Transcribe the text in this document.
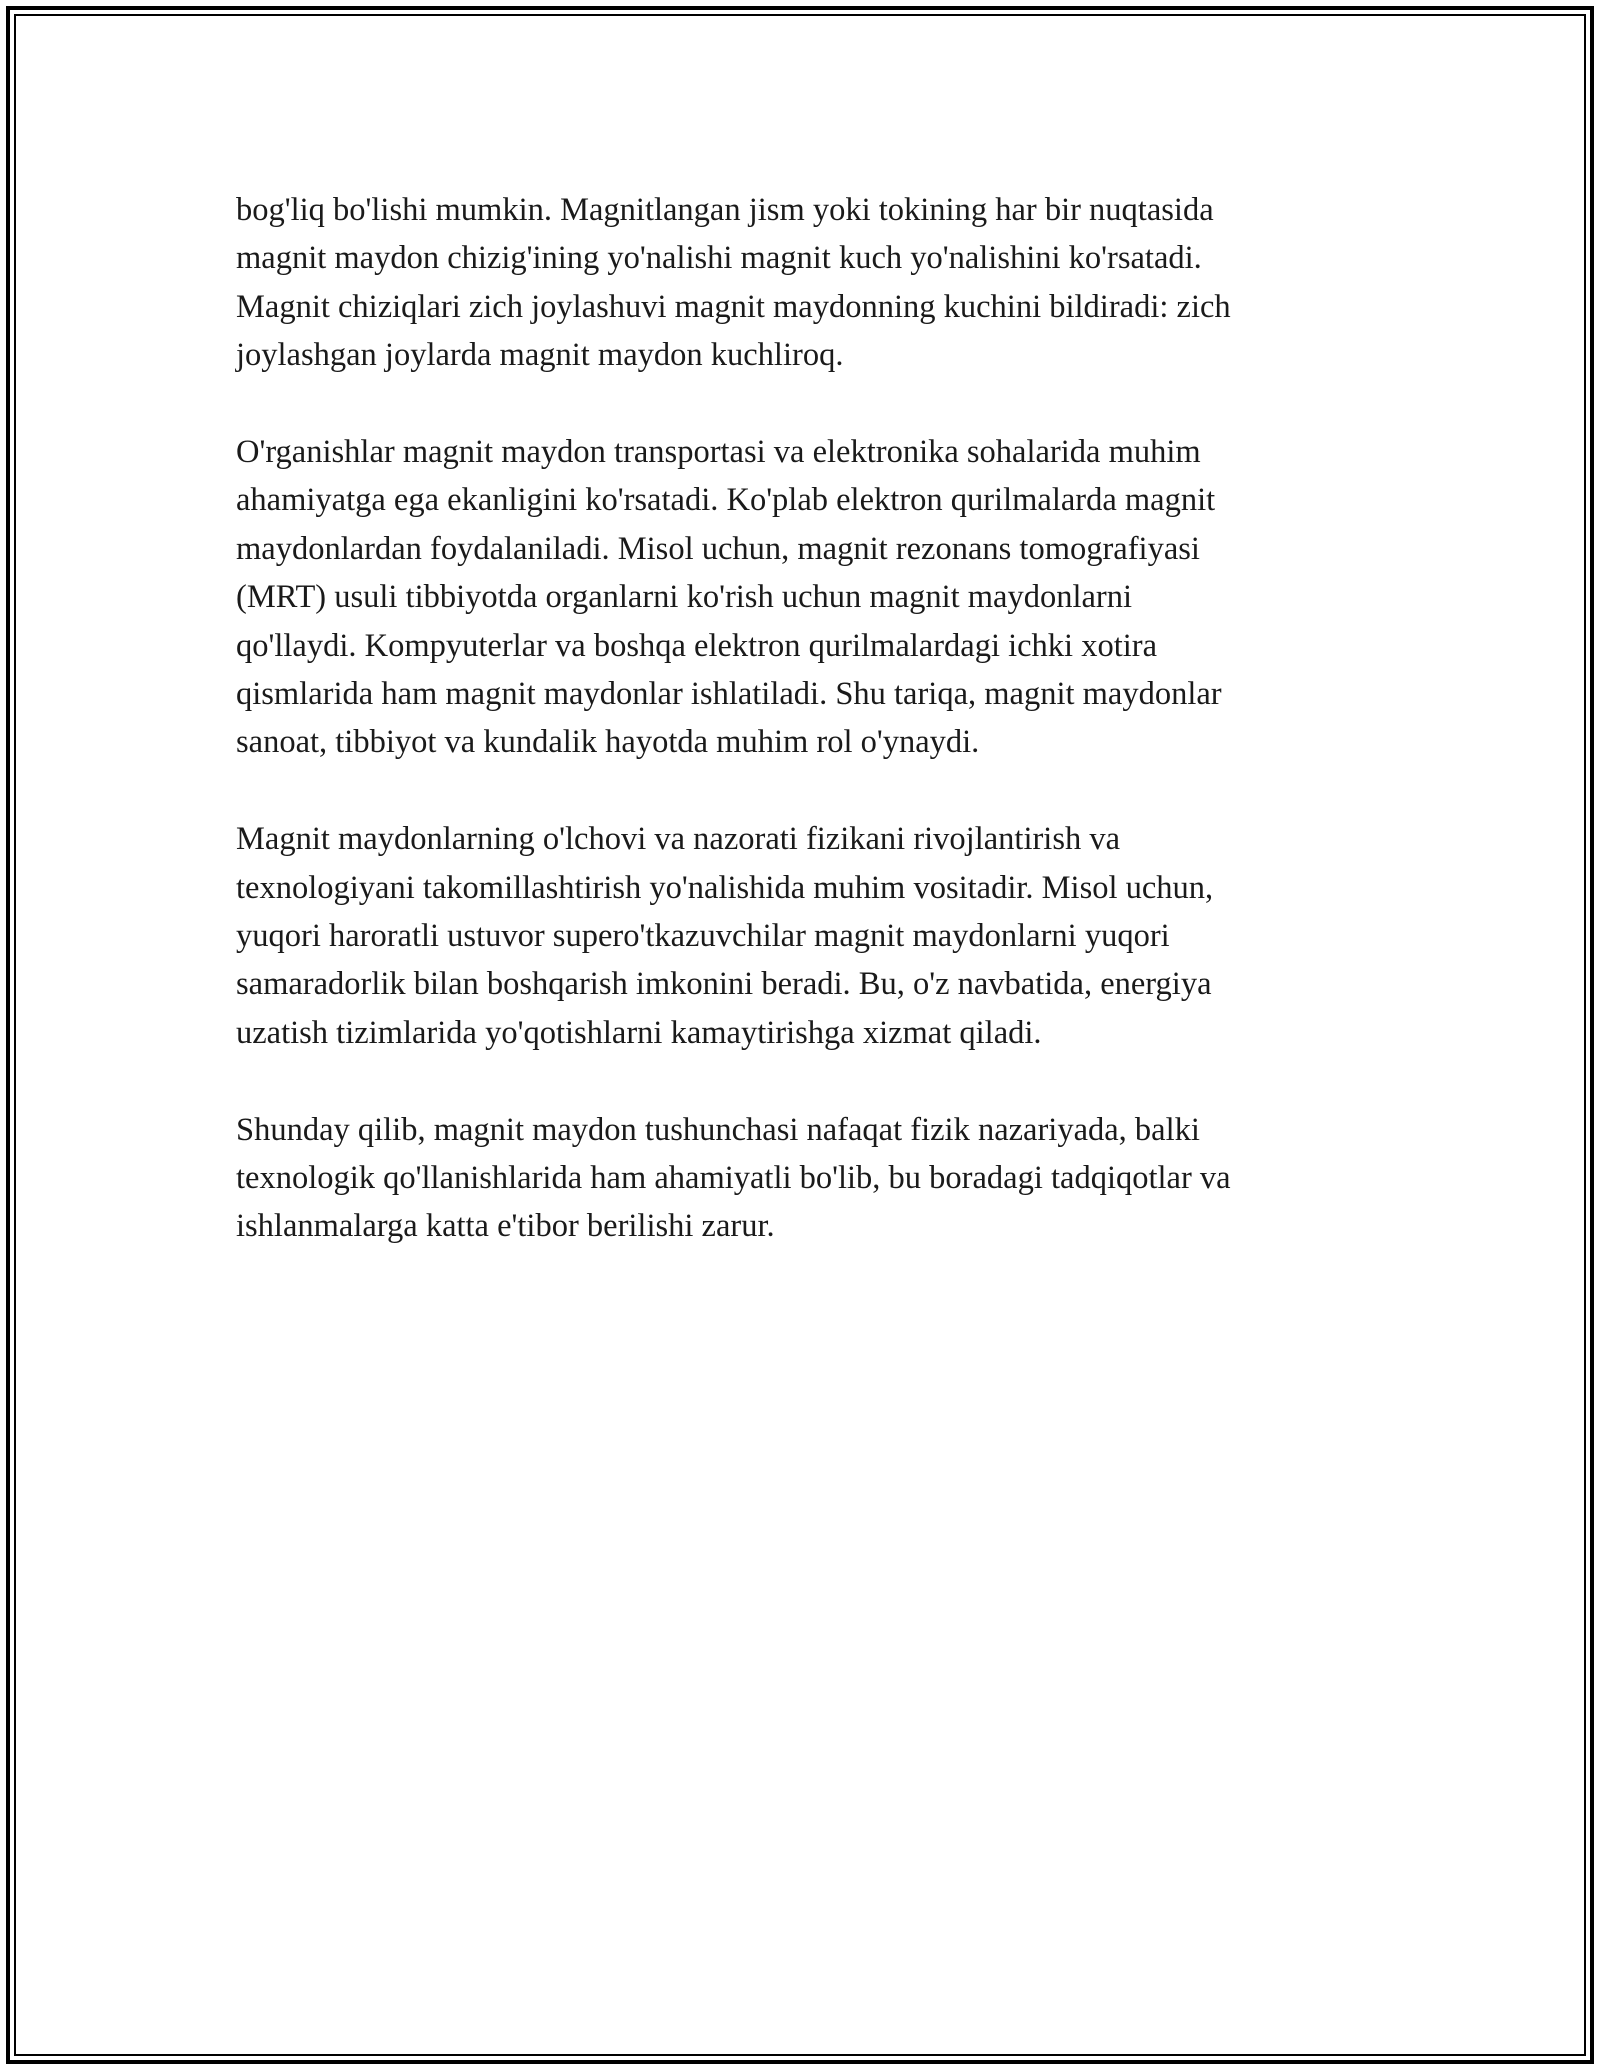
bog'liq bo'lishi mumkin. Magnitlangan jism yoki tokining har bir nuqtasida
magnit maydon chizig'ining yo'nalishi magnit kuch yo'nalishini ko'rsatadi.
Magnit chiziqlari zich joylashuvi magnit maydonning kuchini bildiradi: zich
joylashgan joylarda magnit maydon kuchliroq.

O'rganishlar magnit maydon transportasi va elektronika sohalarida muhim
ahamiyatga ega ekanligini ko'rsatadi. Ko'plab elektron qurilmalarda magnit
maydonlardan foydalaniladi. Misol uchun, magnit rezonans tomografiyasi
(MRT) usuli tibbiyotda organlarni ko'rish uchun magnit maydonlarni
qo'llaydi. Kompyuterlar va boshqa elektron qurilmalardagi ichki xotira
qismlarida ham magnit maydonlar ishlatiladi. Shu tariqa, magnit maydonlar
sanoat, tibbiyot va kundalik hayotda muhim rol o'ynaydi.

Magnit maydonlarning o'lchovi va nazorati fizikani rivojlantirish va
texnologiyani takomillashtirish yo'nalishida muhim vositadir. Misol uchun,
yuqori haroratli ustuvor supero'tkazuvchilar magnit maydonlarni yuqori
samaradorlik bilan boshqarish imkonini beradi. Bu, o'z navbatida, energiya
uzatish tizimlarida yo'qotishlarni kamaytirishga xizmat qiladi.

Shunday qilib, magnit maydon tushunchasi nafaqat fizik nazariyada, balki
texnologik qo'llanishlarida ham ahamiyatli bo'lib, bu boradagi tadqiqotlar va
ishlanmalarga katta e'tibor berilishi zarur.
